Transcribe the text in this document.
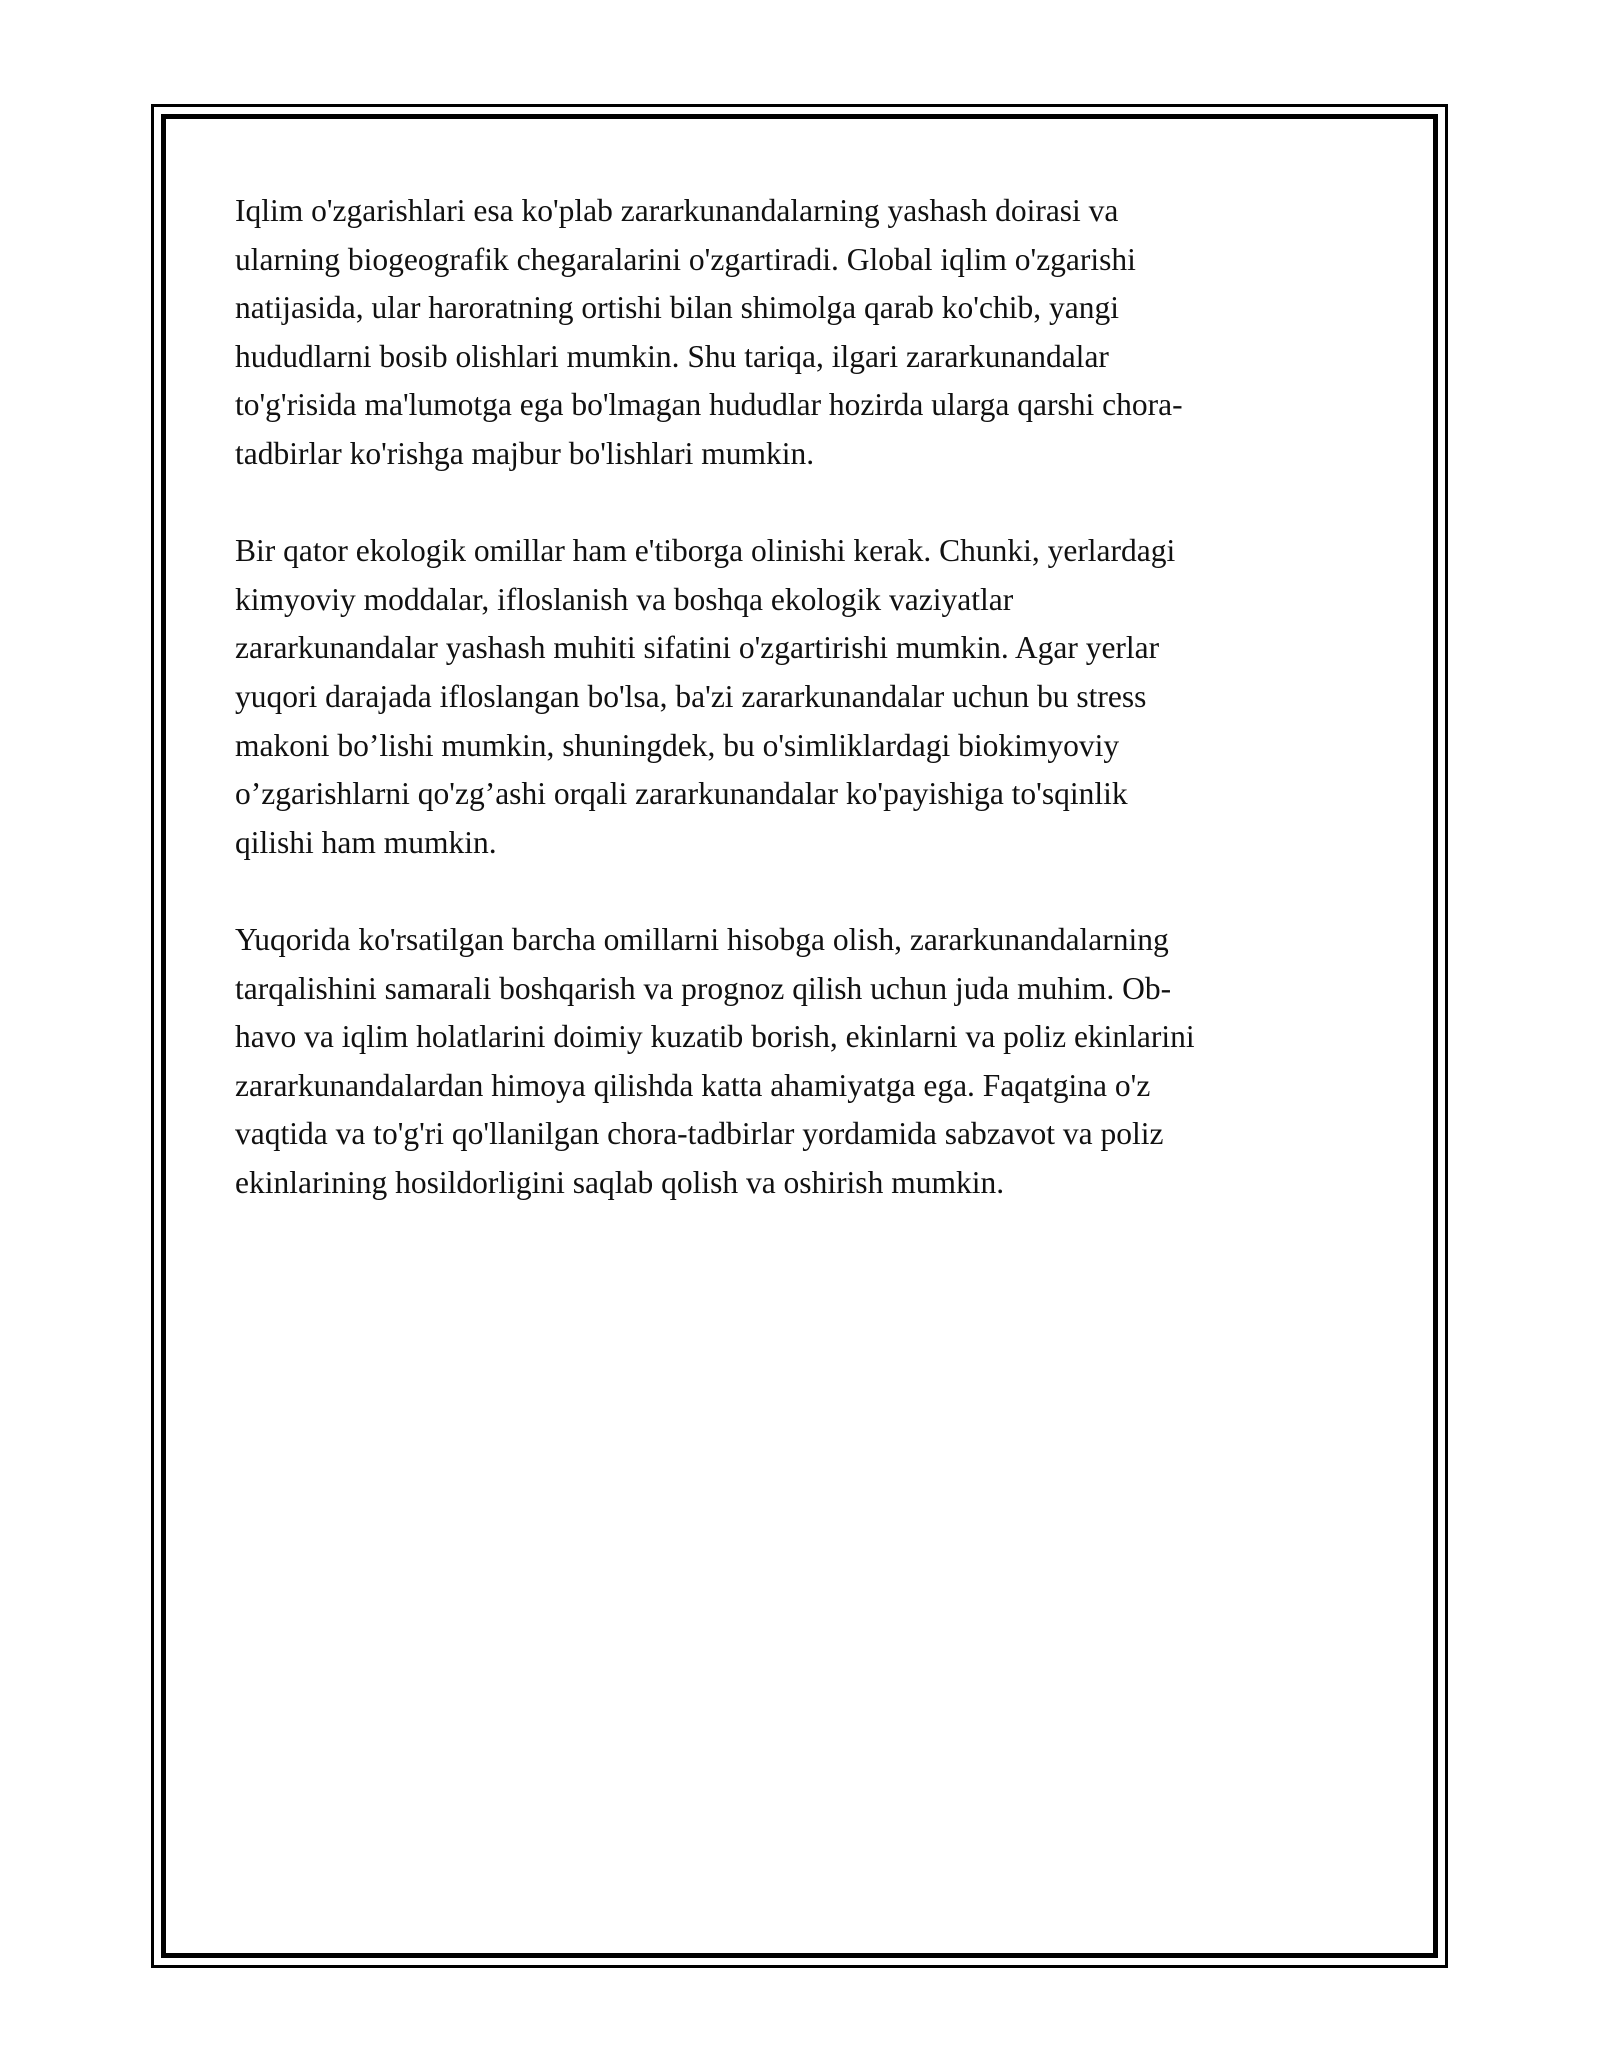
Iqlim o'zgarishlari esa ko'plab zararkunandalarning yashash doirasi va
ularning biogeografik chegaralarini o'zgartiradi. Global iqlim o'zgarishi
natijasida, ular haroratning ortishi bilan shimolga qarab ko'chib, yangi
hududlarni bosib olishlari mumkin. Shu tariqa, ilgari zararkunandalar
to'g'risida ma'lumotga ega bo'lmagan hududlar hozirda ularga qarshi chora-
tadbirlar ko'rishga majbur bo'lishlari mumkin.
Bir qator ekologik omillar ham e'tiborga olinishi kerak. Chunki, yerlardagi
kimyoviy moddalar, ifloslanish va boshqa ekologik vaziyatlar
zararkunandalar yashash muhiti sifatini o'zgartirishi mumkin. Agar yerlar
yuqori darajada ifloslangan bo'lsa, ba'zi zararkunandalar uchun bu stress
makoni bo’lishi mumkin, shuningdek, bu o'simliklardagi biokimyoviy
o’zgarishlarni qo'zg’ashi orqali zararkunandalar ko'payishiga to'sqinlik
qilishi ham mumkin.
Yuqorida ko'rsatilgan barcha omillarni hisobga olish, zararkunandalarning
tarqalishini samarali boshqarish va prognoz qilish uchun juda muhim. Ob-
havo va iqlim holatlarini doimiy kuzatib borish, ekinlarni va poliz ekinlarini
zararkunandalardan himoya qilishda katta ahamiyatga ega. Faqatgina o'z
vaqtida va to'g'ri qo'llanilgan chora-tadbirlar yordamida sabzavot va poliz
ekinlarining hosildorligini saqlab qolish va oshirish mumkin.
